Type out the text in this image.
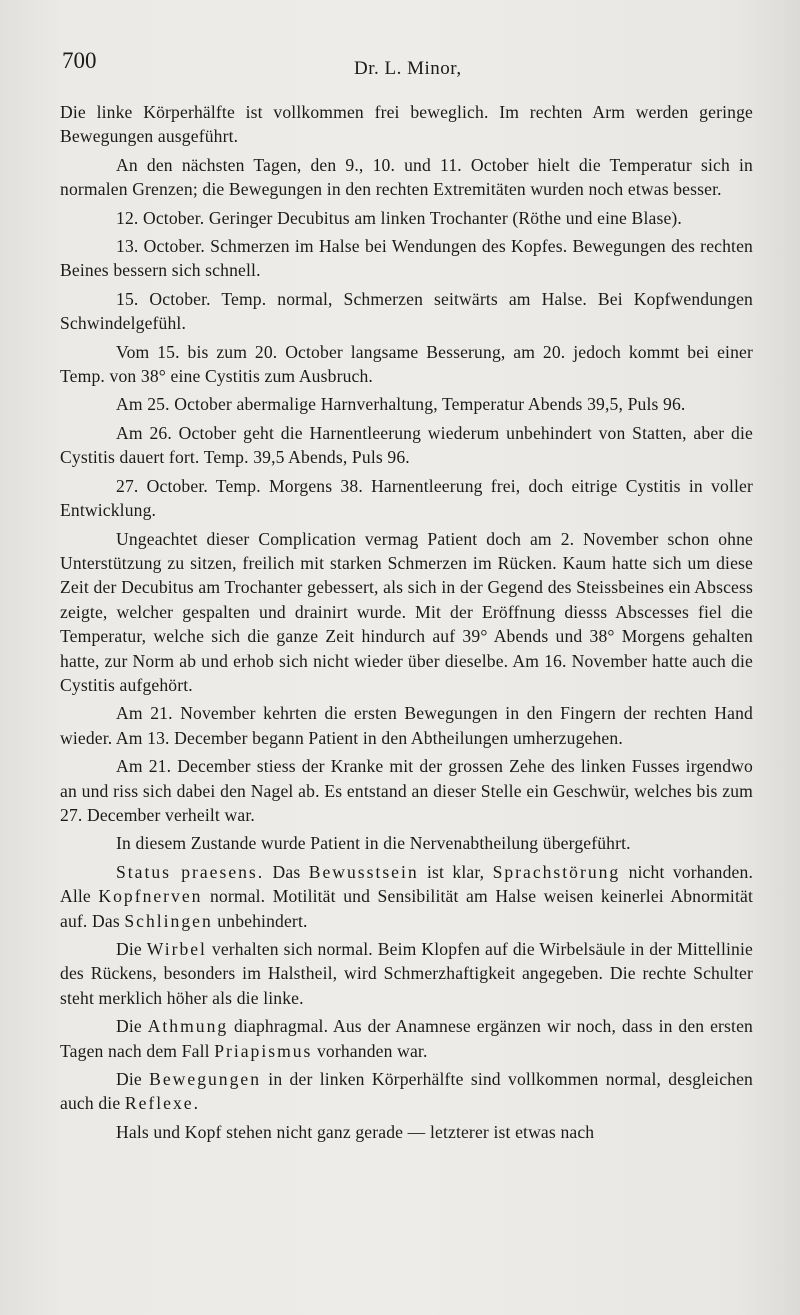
700	Dr. L. Minor,

Die linke Körperhälfte ist vollkommen frei beweglich. Im rechten Arm werden geringe Bewegungen ausgeführt.

An den nächsten Tagen, den 9., 10. und 11. October hielt die Temperatur sich in normalen Grenzen; die Bewegungen in den rechten Extremitäten wurden noch etwas besser.

12. October. Geringer Decubitus am linken Trochanter (Röthe und eine Blase).

13. October. Schmerzen im Halse bei Wendungen des Kopfes. Bewegungen des rechten Beines bessern sich schnell.

15. October. Temp. normal, Schmerzen seitwärts am Halse. Bei Kopfwendungen Schwindelgefühl.

Vom 15. bis zum 20. October langsame Besserung, am 20. jedoch kommt bei einer Temp. von 38° eine Cystitis zum Ausbruch.

Am 25. October abermalige Harnverhaltung, Temperatur Abends 39,5, Puls 96.

Am 26. October geht die Harnentleerung wiederum unbehindert von Statten, aber die Cystitis dauert fort. Temp. 39,5 Abends, Puls 96.

27. October. Temp. Morgens 38. Harnentleerung frei, doch eitrige Cystitis in voller Entwicklung.

Ungeachtet dieser Complication vermag Patient doch am 2. November schon ohne Unterstützung zu sitzen, freilich mit starken Schmerzen im Rücken. Kaum hatte sich um diese Zeit der Decubitus am Trochanter gebessert, als sich in der Gegend des Steissbeines ein Abscess zeigte, welcher gespalten und drainirt wurde. Mit der Eröffnung diesss Abscesses fiel die Temperatur, welche sich die ganze Zeit hindurch auf 39° Abends und 38° Morgens gehalten hatte, zur Norm ab und erhob sich nicht wieder über dieselbe. Am 16. November hatte auch die Cystitis aufgehört.

Am 21. November kehrten die ersten Bewegungen in den Fingern der rechten Hand wieder. Am 13. December begann Patient in den Abtheilungen umherzugehen.

Am 21. December stiess der Kranke mit der grossen Zehe des linken Fusses irgendwo an und riss sich dabei den Nagel ab. Es entstand an dieser Stelle ein Geschwür, welches bis zum 27. December verheilt war.

In diesem Zustande wurde Patient in die Nervenabtheilung übergeführt.

Status praesens. Das Bewusstsein ist klar, Sprachstörung nicht vorhanden. Alle Kopfnerven normal. Motilität und Sensibilität am Halse weisen keinerlei Abnormität auf. Das Schlingen unbehindert.

Die Wirbel verhalten sich normal. Beim Klopfen auf die Wirbelsäule in der Mittellinie des Rückens, besonders im Halstheil, wird Schmerzhaftigkeit angegeben. Die rechte Schulter steht merklich höher als die linke.

Die Athmung diaphragmal. Aus der Anamnese ergänzen wir noch, dass in den ersten Tagen nach dem Fall Priapismus vorhanden war.

Die Bewegungen in der linken Körperhälfte sind vollkommen normal, desgleichen auch die Reflexe.

Hals und Kopf stehen nicht ganz gerade — letzterer ist etwas nach
